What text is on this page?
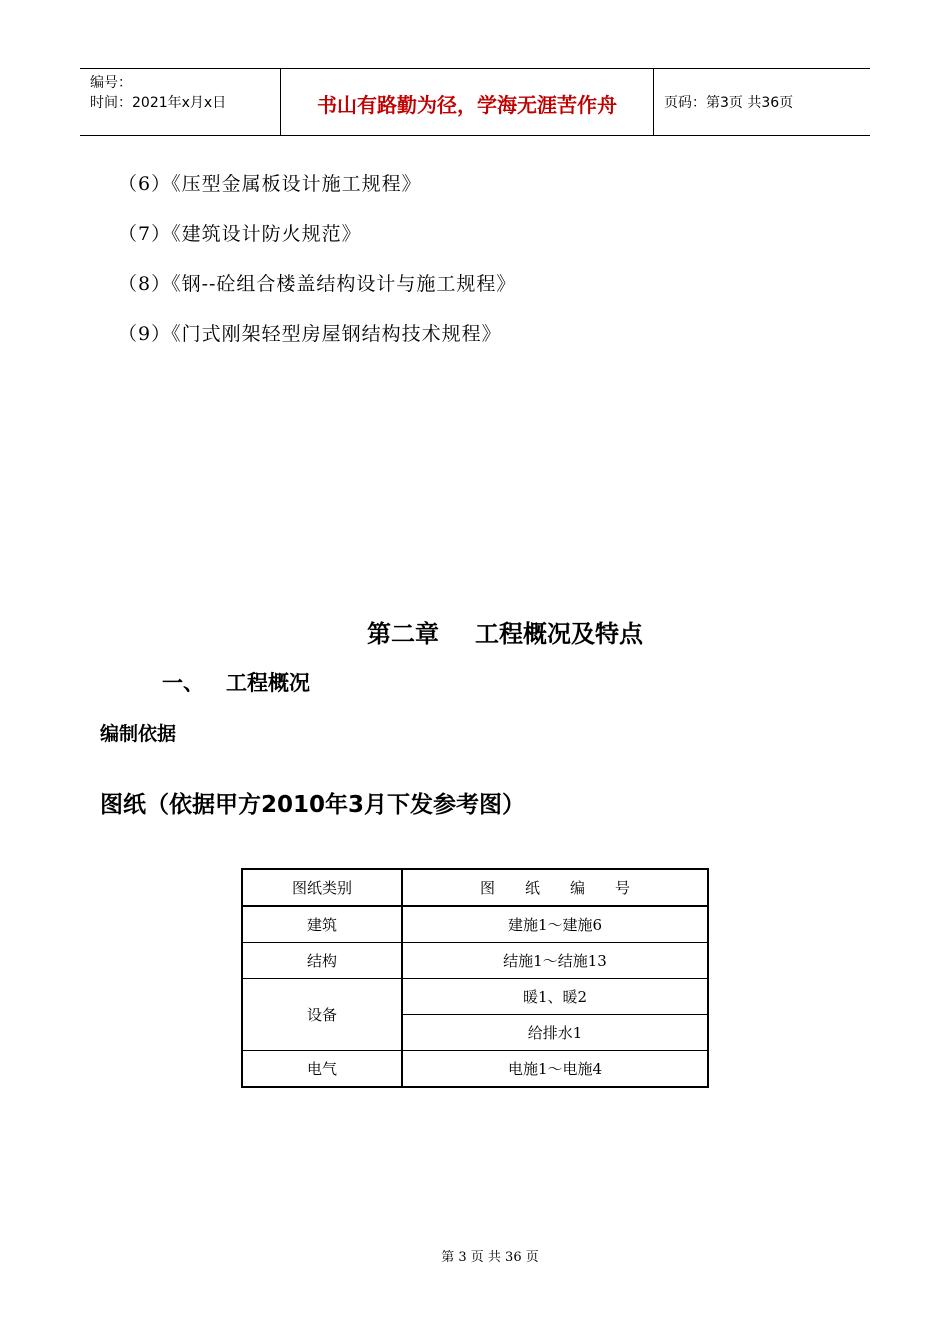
编号：
时间：2021年x月x日	书山有路勤为径，学海无涯苦作舟	页码：第3页 共36页
（6）《压型金属板设计施工规程》
（7）《建筑设计防火规范》
（8）《钢--砼组合楼盖结构设计与施工规程》
（9）《门式刚架轻型房屋钢结构技术规程》
第二章 工程概况及特点
一、 工程概况
编制依据
图纸（依据甲方2010年3月下发参考图）
图纸类别	图纸编号
建筑	建施1～建施6
结构	结施1～结施13
设备	暖1、暖2
	给排水1
电气	电施1～电施4
第 3 页 共 36 页
